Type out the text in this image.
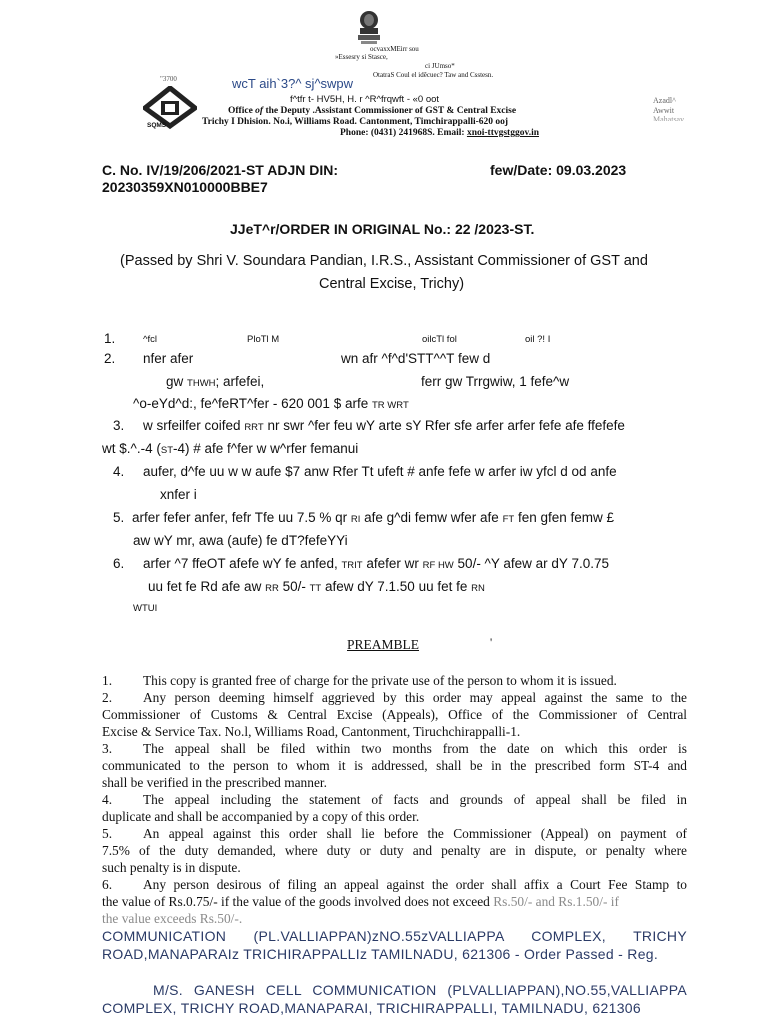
ocvaxxMEirr sou
»Essesry si Stasce,
ci JUmso*
OtatraS Coul el iděcuec? Taw and Csstesn.
"3700
SQMS
wcT aih`3?^ sj^swpw
f^tfr t- HV5H, H. r ^R^frqwft - «0 oot
Office of the Deputy .Assistant Commissioner of GST & Central Excise
Trichy I Dhision. No.i, Williams Road. Cantonment, Timchirappalli-620 ooj
Phone: (0431) 241968S. Email: xnoi-ttvgstggov.in
Azadl^
Awwit
Mahatsav
C. No. IV/19/206/2021-ST ADJN DIN:
20230359XN010000BBE7
few/Date: 09.03.2023
JJeT^r/ORDER IN ORIGINAL No.: 22 /2023-ST.
(Passed by Shri V. Soundara Pandian, I.R.S., Assistant Commissioner of GST and
Central Excise, Trichy)
1.	^fcl	PloTl M	oilcTl fol	oil ?! I
2. nfer afer	wn afr ^f^d'STT^^T few d
gw THWH; arfefei,	ferr gw Trrgwiw, 1 fefe^w
^o-eYd^d:, fe^feRT^fer - 620 001 $ arfe TR WRT
3. w srfeilfer coifed RRT nr swr ^fer feu wY arte sY Rfer sfe arfer arfer fefe afe ffefefe
wt $.^.-4 (ST-4) # afe f^fer w w^rfer femanui
4. aufer, d^fe uu w w aufe $7 anw Rfer Tt ufeft # anfe fefe w arfer iw yfcl d od anfe
xnfer i
5. arfer fefer anfer, fefr Tfe uu 7.5 % qr RI afe g^di femw wfer afe FT fen gfen femw £
aw wY mr, awa (aufe) fe dT?fefeYYi
6. arfer ^7 ffeOT afefe wY fe anfed, TRIT afefer wr RF HW 50/- ^Y afew ar dY 7.0.75
uu fet fe Rd afe aw RR 50/- TT afew dY 7.1.50 uu fet fe RN
WTUI
PREAMBLE	'
1. This copy is granted free of charge for the private use of the person to whom it is issued.
2. Any person deeming himself aggrieved by this order may appeal against the same to the
Commissioner of Customs & Central Excise (Appeals), Office of the Commissioner of Central
Excise & Service Tax. No.l, Williams Road, Cantonment, Tiruchchirappalli-1.
3. The appeal shall be filed within two months from the date on which this order is
communicated to the person to whom it is addressed, shall be in the prescribed form ST-4 and
shall be verified in the prescribed manner.
4. The appeal including the statement of facts and grounds of appeal shall be filed in
duplicate and shall be accompanied by a copy of this order.
5. An appeal against this order shall lie before the Commissioner (Appeal) on payment of
7.5% of the duty demanded, where duty or duty and penalty are in dispute, or penalty where
such penalty is in dispute.
6. Any person desirous of filing an appeal against the order shall affix a Court Fee Stamp to
the value of Rs.0.75/- if the value of the goods involved does not exceed Rs.50/- and Rs.1.50/- if
the value exceeds Rs.50/-.
COMMUNICATION (PL.VALLIAPPAN)zNO.55zVALLIAPPA COMPLEX, TRICHY
ROAD,MANAPARAIz TRICHIRAPPALLIz TAMILNADU, 621306 - Order Passed - Reg.
M/S. GANESH CELL COMMUNICATION (PLVALLIAPPAN),NO.55,VALLIAPPA
COMPLEX, TRICHY ROAD,MANAPARAI, TRICHIRAPPALLI, TAMILNADU, 621306
